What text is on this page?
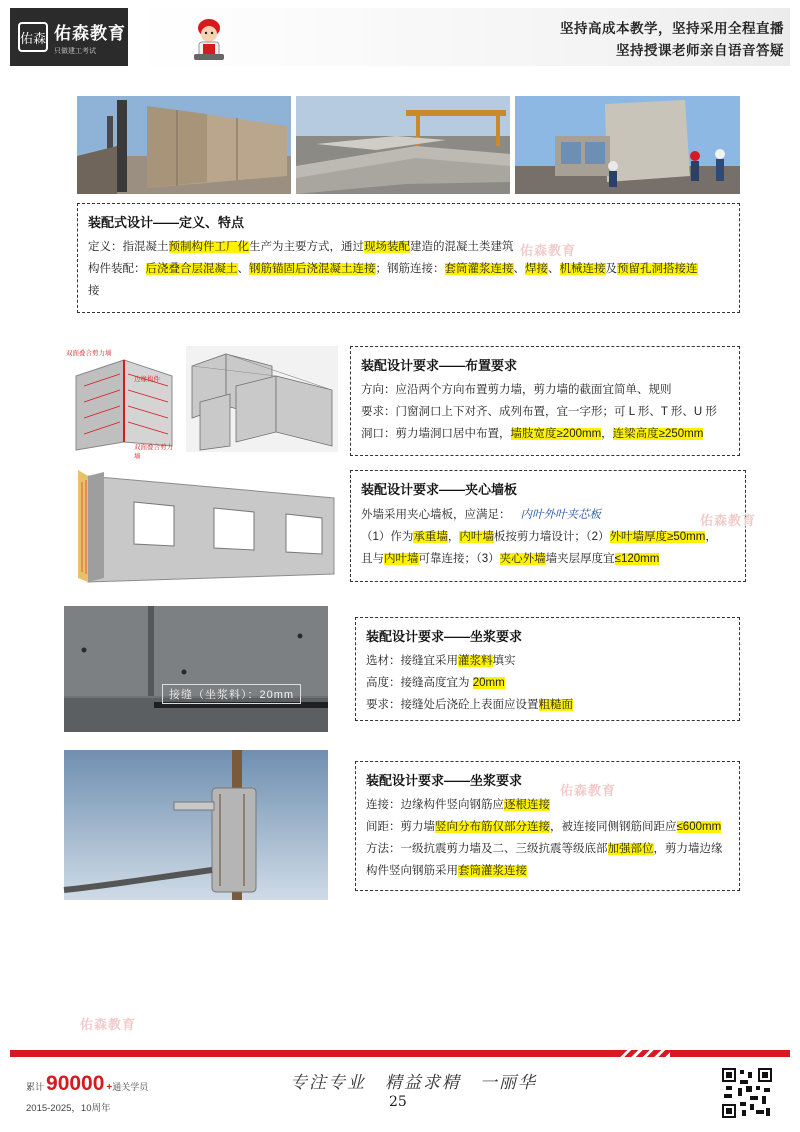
佑森 佑森教育
只做建工考试
坚持高成本教学，坚持采用全程直播
坚持授课老师亲自语音答疑
装配式设计——定义、特点
定义：指混凝土预制构件工厂化生产为主要方式，通过现场装配建造的混凝土类建筑
构件装配：后浇叠合层混凝土、钢筋锚固后浇混凝土连接；钢筋连接：套筒灌浆连接、焊接、机械连接及预留孔洞搭接连
接
佑森教育
双面叠合剪力墙
边缘构件
双面叠合剪力墙
装配设计要求——布置要求
方向：应沿两个方向布置剪力墙，剪力墙的截面宜简单、规则
要求：门窗洞口上下对齐、成列布置，宜一字形；可 L 形、T 形、U 形
洞口：剪力墙洞口居中布置，墙肢宽度≥200mm，连梁高度≥250mm
装配设计要求——夹心墙板
外墙采用夹心墙板，应满足： 内叶外叶夹芯板
（1）作为承重墙，内叶墙板按剪力墙设计；（2）外叶墙厚度≥50mm，
且与内叶墙可靠连接；（3）夹心外墙墙夹层厚度宜≤120mm
佑森教育
接缝（坐浆料）：20mm
装配设计要求——坐浆要求
选材：接缝宜采用灌浆料填实
高度：接缝高度宜为 20mm
要求：接缝处后浇砼上表面应设置粗糙面
装配设计要求——坐浆要求
连接：边缘构件竖向钢筋应逐根连接
间距：剪力墙竖向分布筋仅部分连接，被连接同侧钢筋间距应≤600mm
方法：一级抗震剪力墙及二、三级抗震等级底部加强部位，剪力墙边缘
构件竖向钢筋采用套筒灌浆连接
佑森教育
佑森教育
累计 90000 + 通关学员
2015-2025，10周年
专注专业　精益求精　一丽华
25
